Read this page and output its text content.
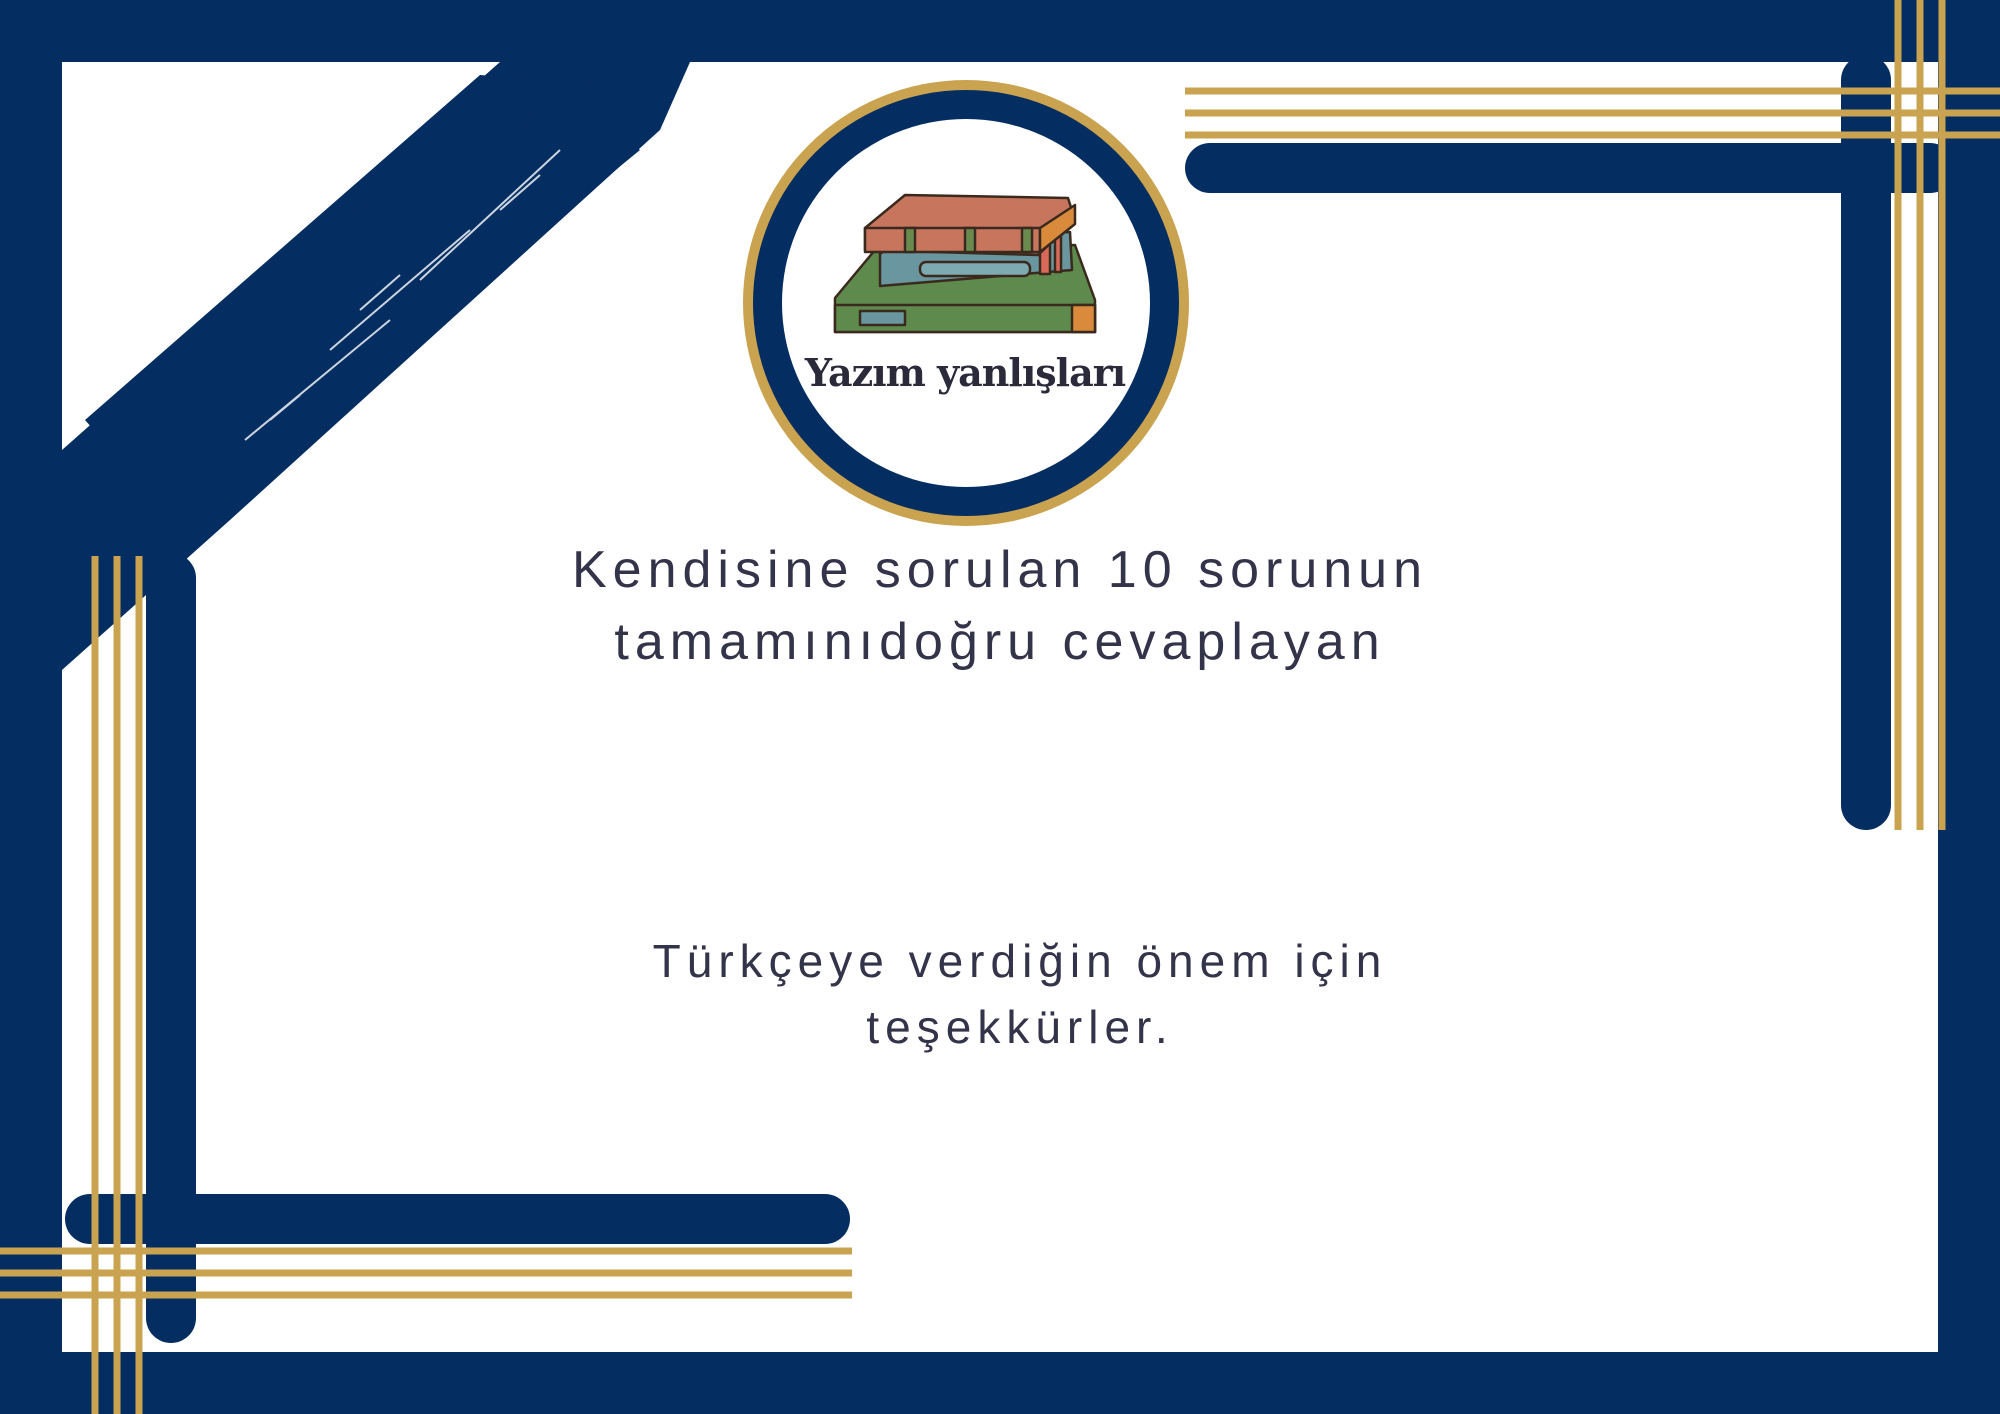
Yazım yanlışları
Kendisine sorulan 10 sorunun
tamamınıdoğru cevaplayan
Türkçeye verdiğin önem için
teşekkürler.
